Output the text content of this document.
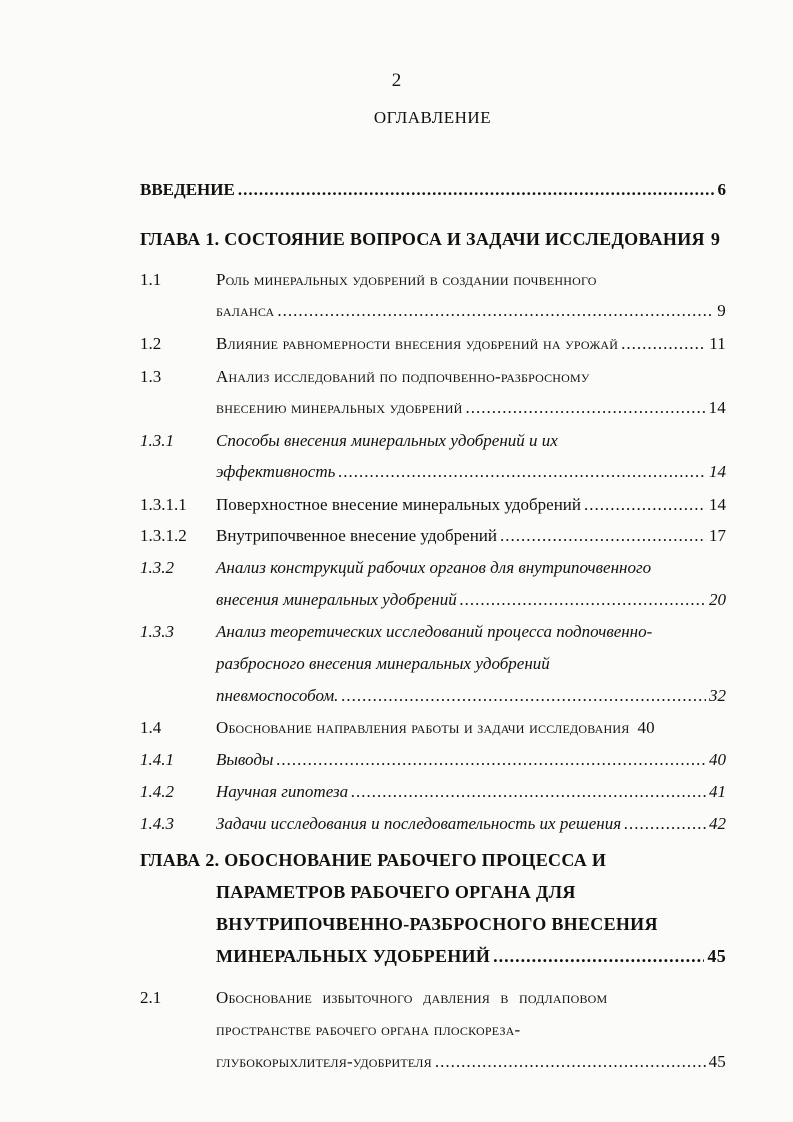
2
ОГЛАВЛЕНИЕ
ВВЕДЕНИЕ .....	6
ГЛАВА 1. СОСТОЯНИЕ ВОПРОСА И ЗАДАЧИ ИССЛЕДОВАНИЯ 9
1.1	Роль минеральных удобрений в создании почвенного
баланса .....	9
1.2	Влияние равномерности внесения удобрений на урожай .....	11
1.3	Анализ исследований по подпочвенно-разбросному
внесению минеральных удобрений .....	14
1.3.1 Способы внесения минеральных удобрений и их
эффективность .....	14
1.3.1.1 Поверхностное внесение минеральных удобрений .....	14
1.3.1.2 Внутрипочвенное внесение удобрений .....	17
1.3.2 Анализ конструкций рабочих органов для внутрипочвенного
внесения минеральных удобрений .....	20
1.3.3 Анализ теоретических исследований процесса подпочвенно-
разбросного внесения минеральных удобрений
пневмоспособом. .....	32
1.4	Обоснование направления работы и задачи исследования 40
1.4.1 Выводы .....	40
1.4.2 Научная гипотеза .....	41
1.4.3 Задачи исследования и последовательность их решения .....	42
ГЛАВА 2. ОБОСНОВАНИЕ РАБОЧЕГО ПРОЦЕССА И
ПАРАМЕТРОВ РАБОЧЕГО ОРГАНА ДЛЯ
ВНУТРИПОЧВЕННО-РАЗБРОСНОГО ВНЕСЕНИЯ
МИНЕРАЛЬНЫХ УДОБРЕНИЙ .....	45
2.1	Обоснование избыточного давления в подлаповом
пространстве рабочего органа плоскореза-
глубокорыхлителя-удобрителя .....	45
